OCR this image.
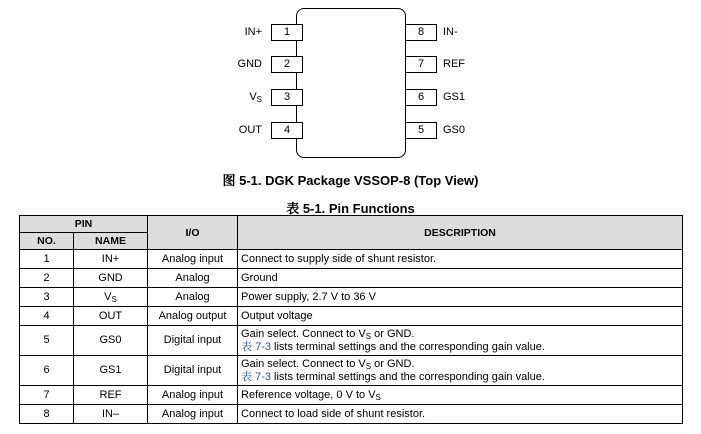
IN+	1
GND	2
$V_S$	3
OUT	4
8	IN-
7	REF
6	GS1
5	GS0
图 5-1. DGK Package VSSOP-8 (Top View)
表 5-1. Pin Functions
PIN		I/O	DESCRIPTION
NO.	NAME		
1	IN+	Analog input	Connect to supply side of shunt resistor.
2	GND	Analog	Ground
3	$V_S$	Analog	Power supply, 2.7 V to 36 V
4	OUT	Analog output	Output voltage
5	GS0	Digital input	Gain select. Connect to $V_S$ or GND.
表 7-3 lists terminal settings and the corresponding gain value.
6	GS1	Digital input	Gain select. Connect to $V_S$ or GND.
表 7-3 lists terminal settings and the corresponding gain value.
7	REF	Analog input	Reference voltage, 0 V to $V_S$
8	IN–	Analog input	Connect to load side of shunt resistor.
